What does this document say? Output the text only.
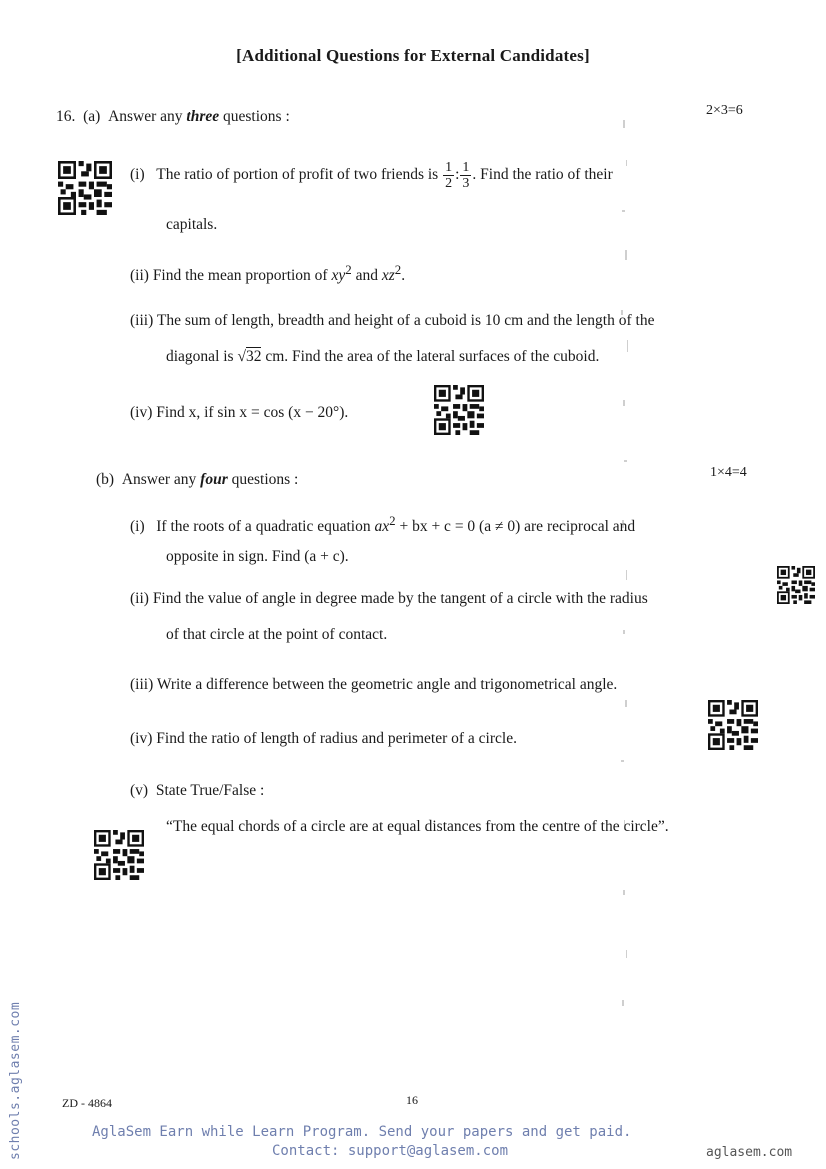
[Additional Questions for External Candidates]
16. (a) Answer any three questions :	2×3=6
(i) The ratio of portion of profit of two friends is $\frac{1}{2}$ : $\frac{1}{3}$ . Find the ratio of their
capitals.
(ii) Find the mean proportion of $xy^2$ and $xz^2$.
(iii) The sum of length, breadth and height of a cuboid is 10 cm and the length of the
diagonal is √32 cm. Find the area of the lateral surfaces of the cuboid.
(iv) Find x, if sin x = cos (x − 20°).
(b) Answer any four questions :	1×4=4
(i) If the roots of a quadratic equation $ax^2$ + bx + c = 0 (a ≠ 0) are reciprocal and
opposite in sign. Find (a + c).
(ii) Find the value of angle in degree made by the tangent of a circle with the radius
of that circle at the point of contact.
(iii) Write a difference between the geometric angle and trigonometrical angle.
(iv) Find the ratio of length of radius and perimeter of a circle.
(v) State True/False :
“The equal chords of a circle are at equal distances from the centre of the circle”.
ZD - 4864	16
schools.aglasem.com	AglaSem Earn while Learn Program. Send your papers and get paid.
Contact: support@aglasem.com	aglasem.com
